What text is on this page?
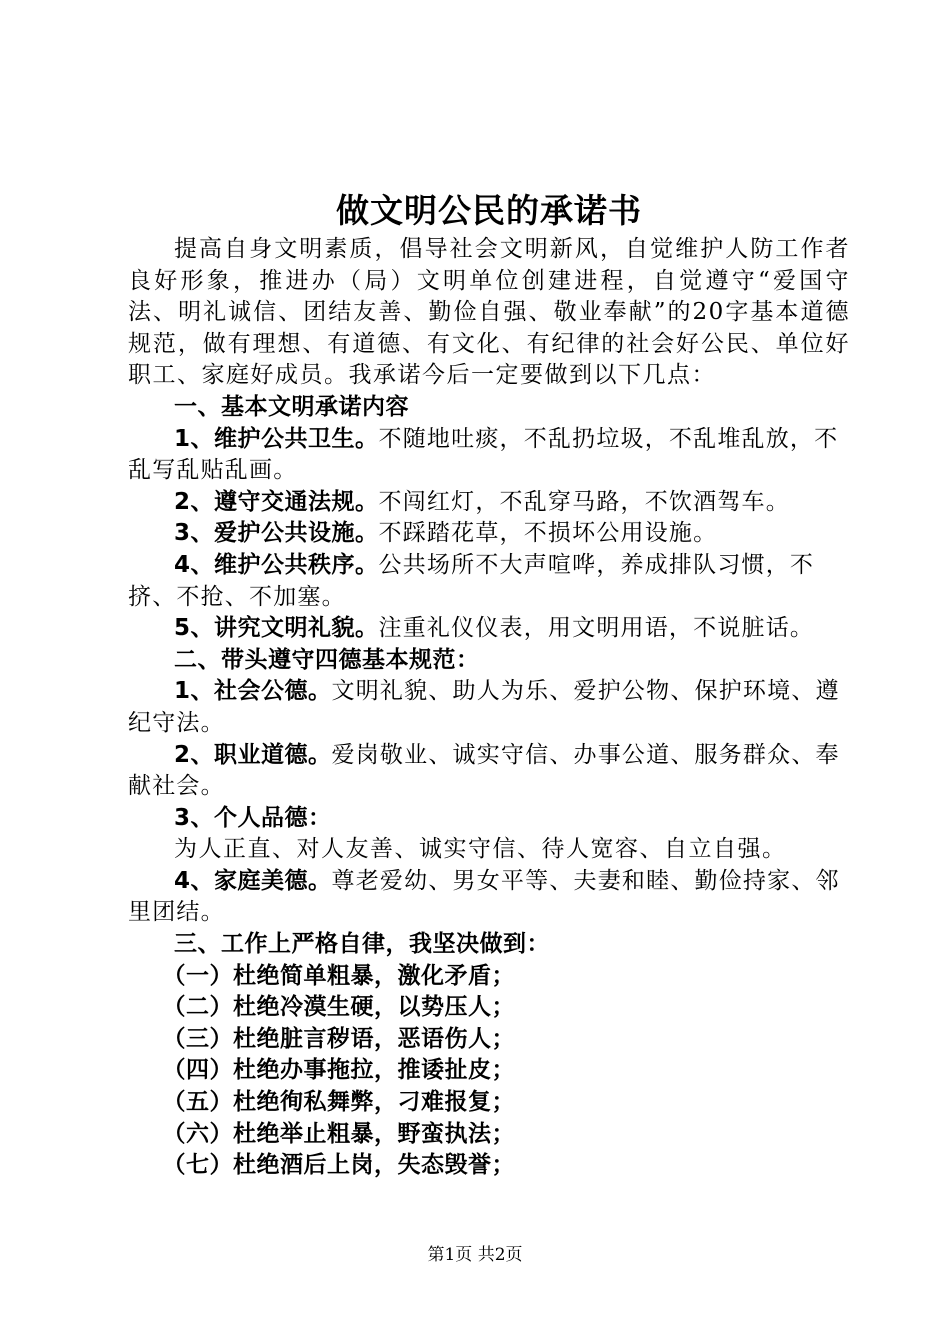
做文明公民的承诺书

提高自身文明素质，倡导社会文明新风，自觉维护人防工作者良好形象，推进办（局）文明单位创建进程，自觉遵守“爱国守法、明礼诚信、团结友善、勤俭自强、敬业奉献”的20字基本道德规范，做有理想、有道德、有文化、有纪律的社会好公民、单位好职工、家庭好成员。我承诺今后一定要做到以下几点：

一、基本文明承诺内容

1、维护公共卫生。不随地吐痰，不乱扔垃圾，不乱堆乱放，不乱写乱贴乱画。

2、遵守交通法规。不闯红灯，不乱穿马路，不饮酒驾车。

3、爱护公共设施。不踩踏花草，不损坏公用设施。

4、维护公共秩序。公共场所不大声喧哗，养成排队习惯，不挤、不抢、不加塞。

5、讲究文明礼貌。注重礼仪仪表，用文明用语，不说脏话。

二、带头遵守四德基本规范：

1、社会公德。文明礼貌、助人为乐、爱护公物、保护环境、遵纪守法。

2、职业道德。爱岗敬业、诚实守信、办事公道、服务群众、奉献社会。

3、个人品德：

为人正直、对人友善、诚实守信、待人宽容、自立自强。

4、家庭美德。尊老爱幼、男女平等、夫妻和睦、勤俭持家、邻里团结。

三、工作上严格自律，我坚决做到：

（一）杜绝简单粗暴，激化矛盾；

（二）杜绝冷漠生硬，以势压人；

（三）杜绝脏言秽语，恶语伤人；

（四）杜绝办事拖拉，推诿扯皮；

（五）杜绝徇私舞弊，刁难报复；

（六）杜绝举止粗暴，野蛮执法；

（七）杜绝酒后上岗，失态毁誉；

第1页 共2页
